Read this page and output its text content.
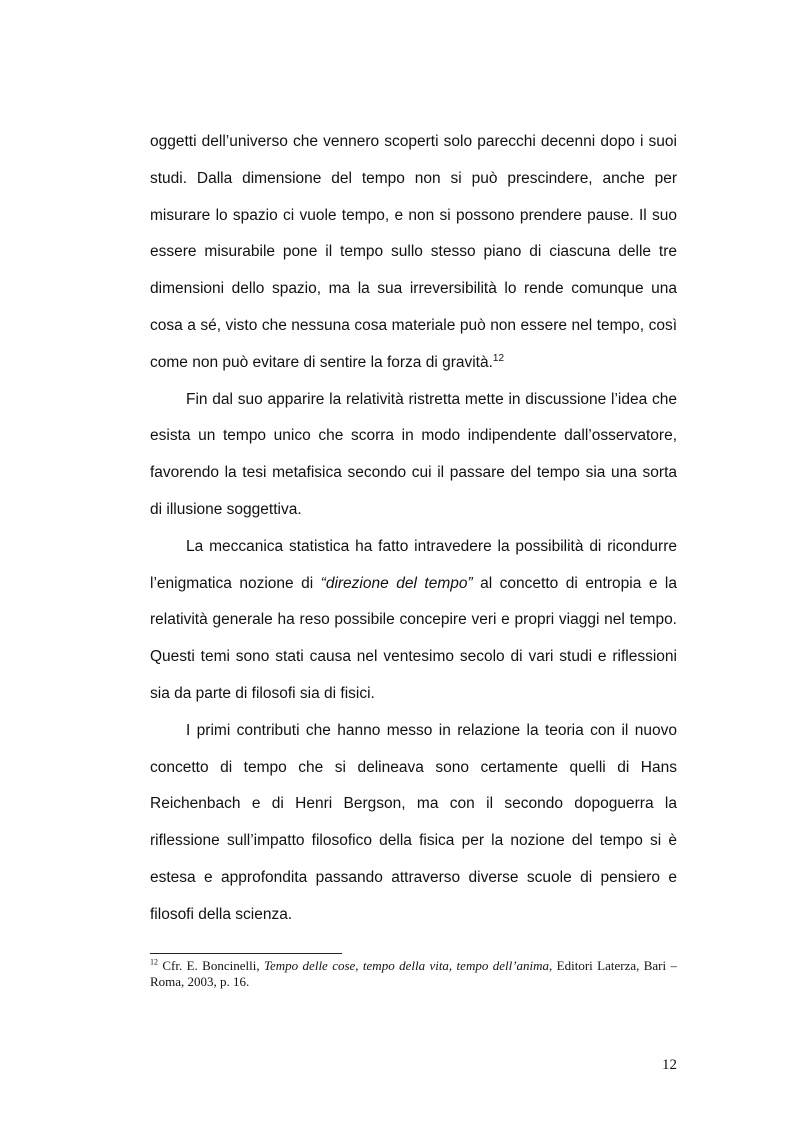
oggetti dell’universo che vennero scoperti solo parecchi decenni dopo i suoi studi. Dalla dimensione del tempo non si può prescindere, anche per misurare lo spazio ci vuole tempo, e non si possono prendere pause. Il suo essere misurabile pone il tempo sullo stesso piano di ciascuna delle tre dimensioni dello spazio, ma la sua irreversibilità lo rende comunque una cosa a sé, visto che nessuna cosa materiale può non essere nel tempo, così come non può evitare di sentire la forza di gravità.$^{12}$

Fin dal suo apparire la relatività ristretta mette in discussione l’idea che esista un tempo unico che scorra in modo indipendente dall’osservatore, favorendo la tesi metafisica secondo cui il passare del tempo sia una sorta di illusione soggettiva.

La meccanica statistica ha fatto intravedere la possibilità di ricondurre l’enigmatica nozione di “direzione del tempo” al concetto di entropia e la relatività generale ha reso possibile concepire veri e propri viaggi nel tempo. Questi temi sono stati causa nel ventesimo secolo di vari studi e riflessioni sia da parte di filosofi sia di fisici.

I primi contributi che hanno messo in relazione la teoria con il nuovo concetto di tempo che si delineava sono certamente quelli di Hans Reichenbach e di Henri Bergson, ma con il secondo dopoguerra la riflessione sull’impatto filosofico della fisica per la nozione del tempo si è estesa e approfondita passando attraverso diverse scuole di pensiero e filosofi della scienza.

$^{12}$ Cfr. E. Boncinelli, Tempo delle cose, tempo della vita, tempo dell’anima, Editori Laterza, Bari – Roma, 2003, p. 16.
12
